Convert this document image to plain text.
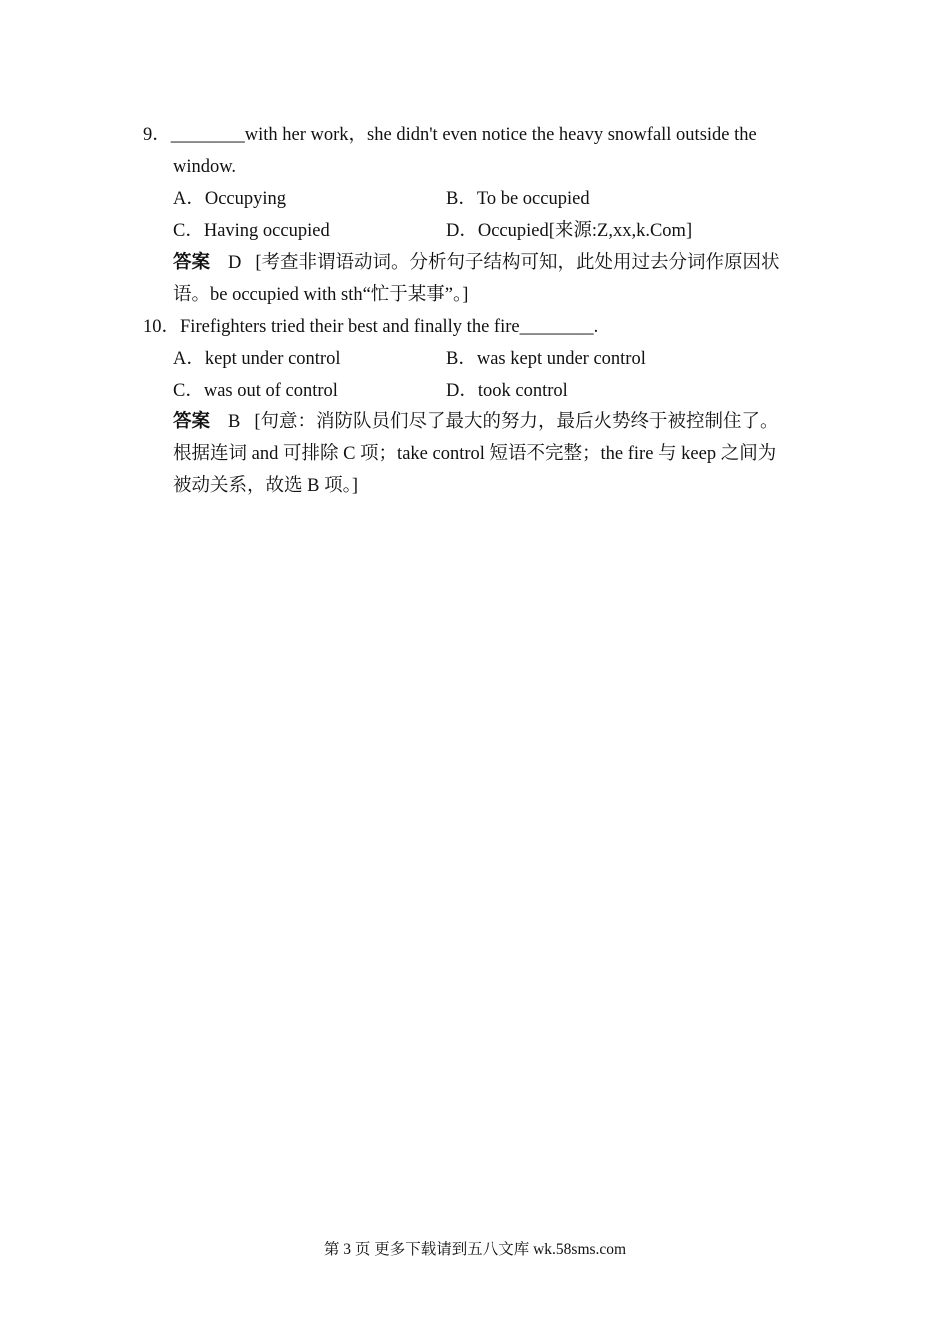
9．________with her work，she didn't even notice the heavy snowfall outside the
window.
A．Occupying	B．To be occupied
C．Having occupied	D．Occupied[来源:Z,xx,k.Com]
答案 D [考查非谓语动词。分析句子结构可知，此处用过去分词作原因状
语。be occupied with sth“忙于某事”。]
10．Firefighters tried their best and finally the fire________.
A．kept under control	B．was kept under control
C．was out of control	D．took control
答案 B [句意：消防队员们尽了最大的努力，最后火势终于被控制住了。
根据连词 and 可排除 C 项；take control 短语不完整；the fire 与 keep 之间为
被动关系，故选 B 项。]
第 3 页 更多下载请到五八文库 wk.58sms.com
